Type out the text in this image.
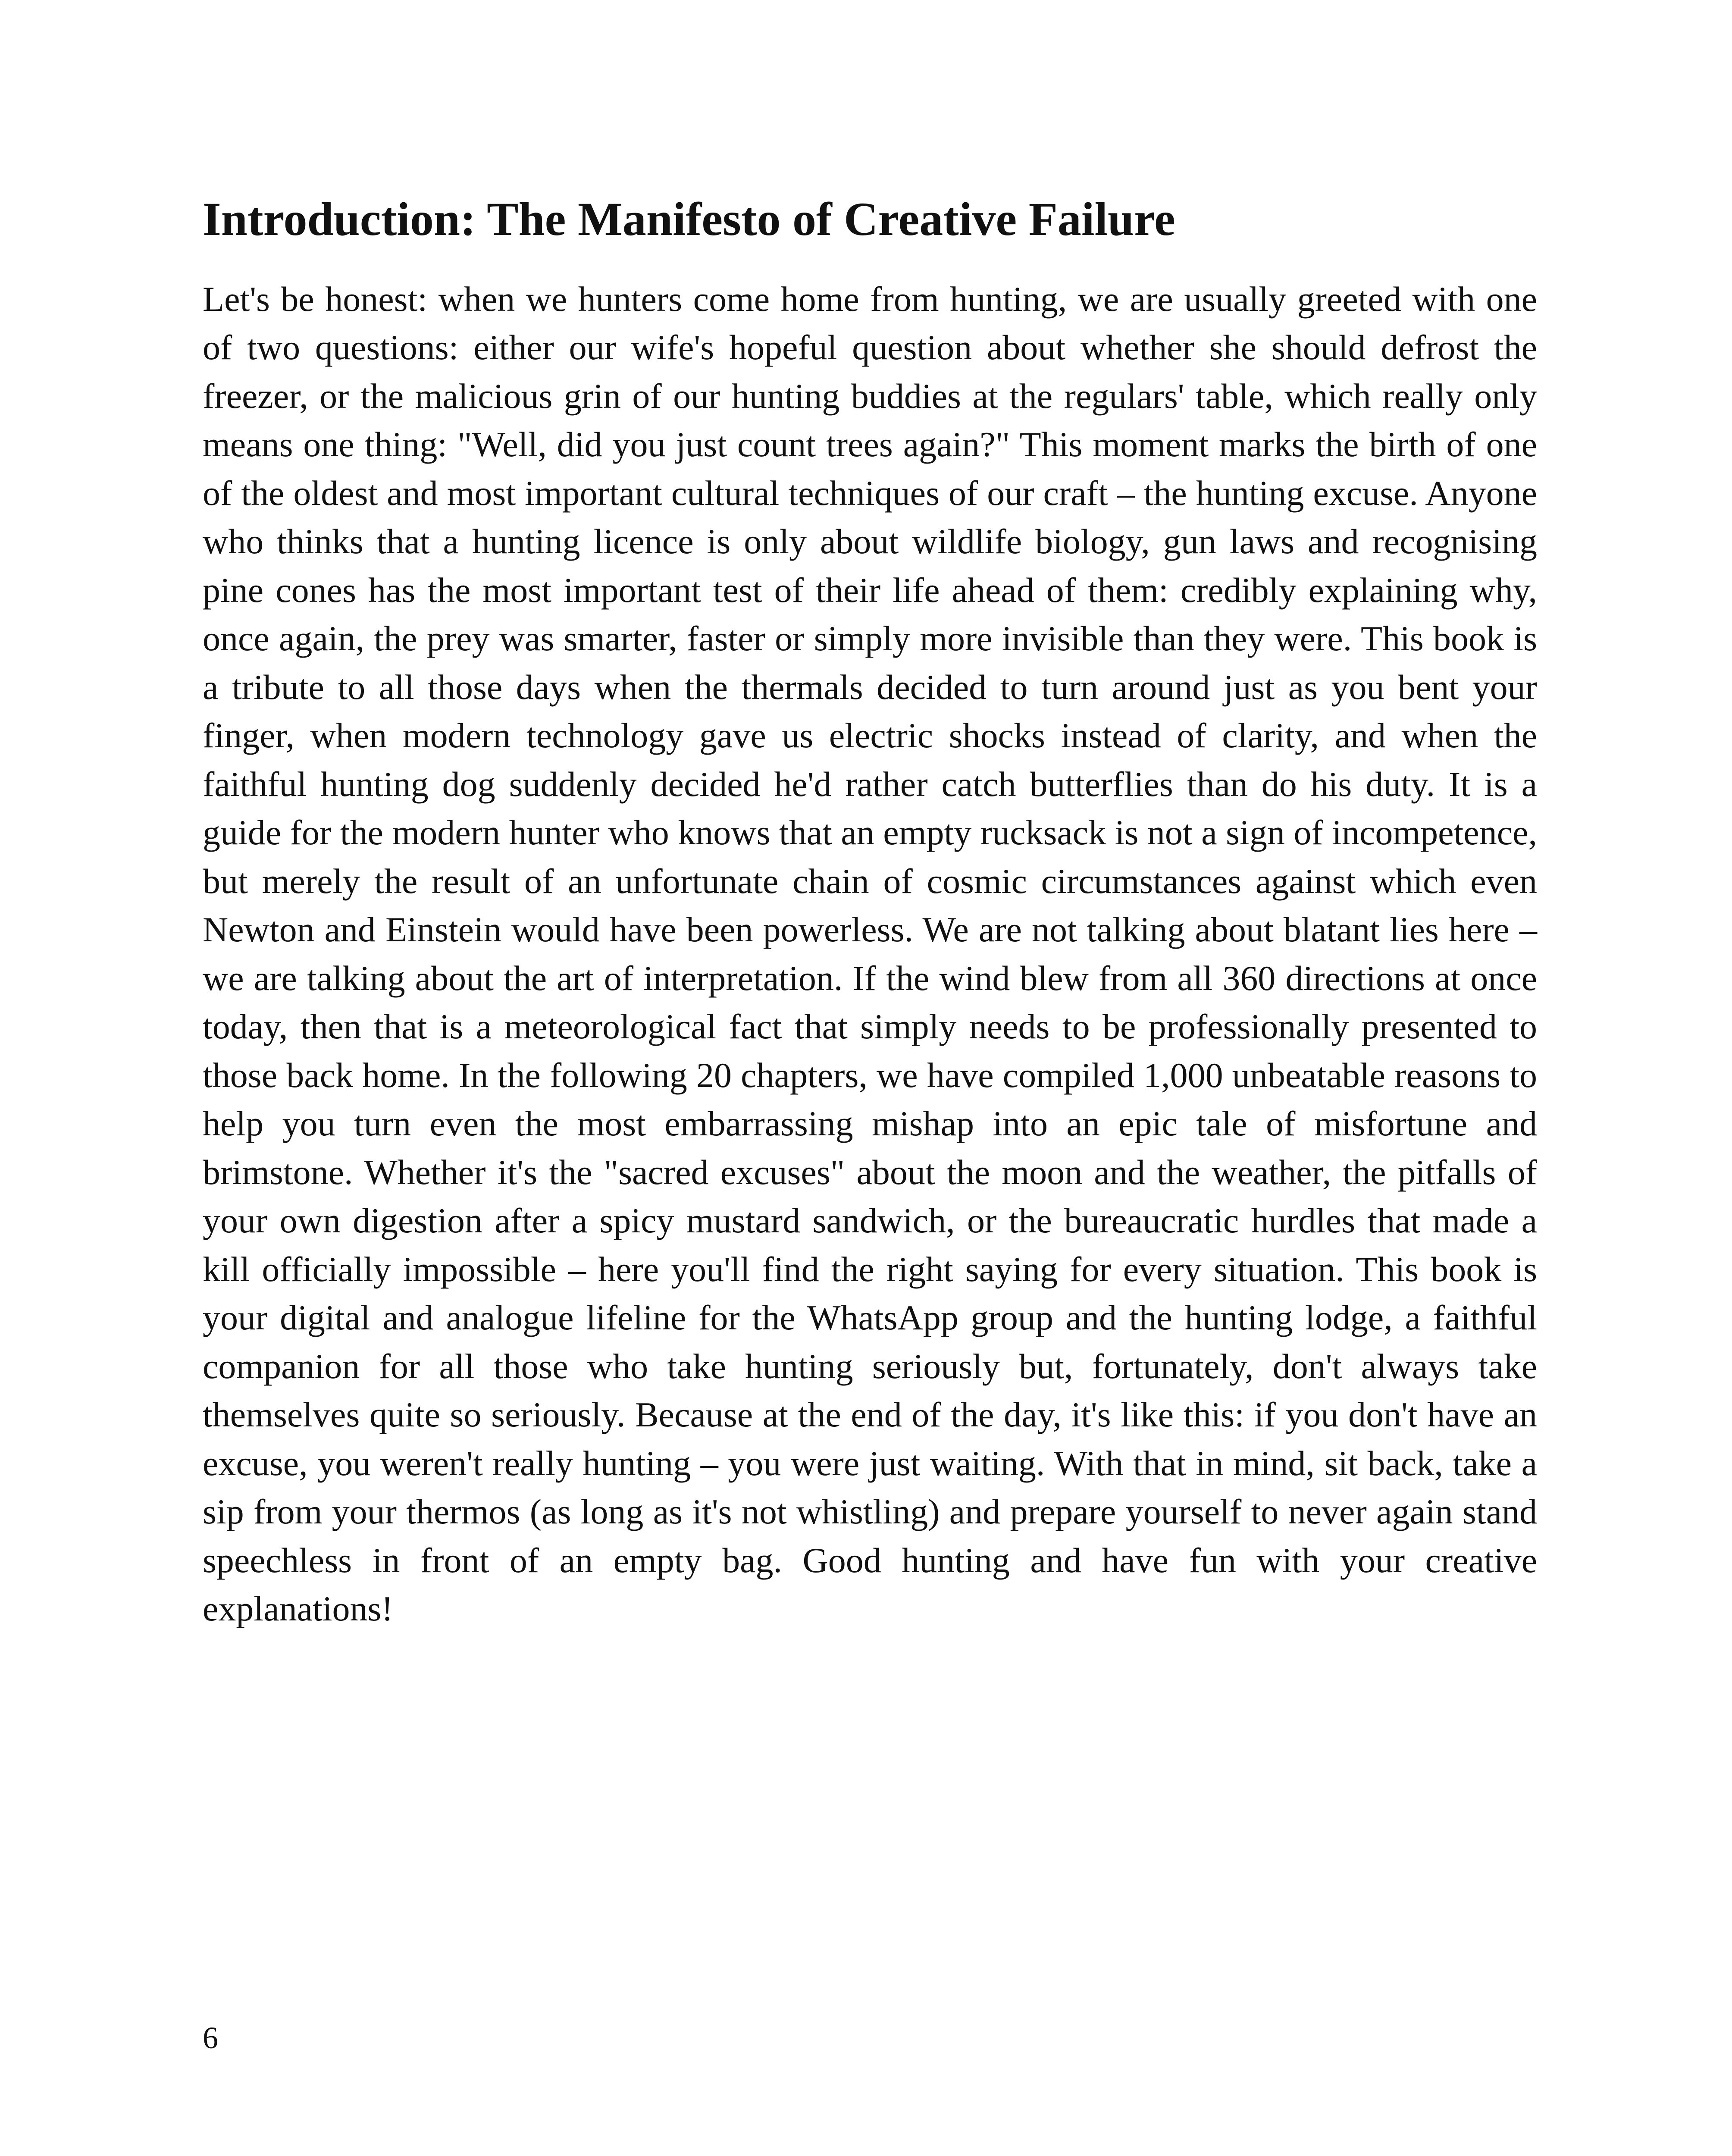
Introduction: The Manifesto of Creative Failure

Let's be honest: when we hunters come home from hunting, we are usually greeted with one of two questions: either our wife's hopeful question about whether she should defrost the freezer, or the malicious grin of our hunting buddies at the regulars' table, which really only means one thing: "Well, did you just count trees again?" This moment marks the birth of one of the oldest and most important cultural techniques of our craft – the hunting excuse. Anyone who thinks that a hunting licence is only about wildlife biology, gun laws and recognising pine cones has the most important test of their life ahead of them: credibly explaining why, once again, the prey was smarter, faster or simply more invisible than they were. This book is a tribute to all those days when the thermals decided to turn around just as you bent your finger, when modern technology gave us electric shocks instead of clarity, and when the faithful hunting dog suddenly decided he'd rather catch butterflies than do his duty. It is a guide for the modern hunter who knows that an empty rucksack is not a sign of incompetence, but merely the result of an unfortunate chain of cosmic circumstances against which even Newton and Einstein would have been powerless. We are not talking about blatant lies here – we are talking about the art of interpretation. If the wind blew from all 360 directions at once today, then that is a meteorological fact that simply needs to be professionally presented to those back home. In the following 20 chapters, we have compiled 1,000 unbeatable reasons to help you turn even the most embarrassing mishap into an epic tale of misfortune and brimstone. Whether it's the "sacred excuses" about the moon and the weather, the pitfalls of your own digestion after a spicy mustard sandwich, or the bureaucratic hurdles that made a kill officially impossible – here you'll find the right saying for every situation. This book is your digital and analogue lifeline for the WhatsApp group and the hunting lodge, a faithful companion for all those who take hunting seriously but, fortunately, don't always take themselves quite so seriously. Because at the end of the day, it's like this: if you don't have an excuse, you weren't really hunting – you were just waiting. With that in mind, sit back, take a sip from your thermos (as long as it's not whistling) and prepare yourself to never again stand speechless in front of an empty bag. Good hunting and have fun with your creative explanations!

6
